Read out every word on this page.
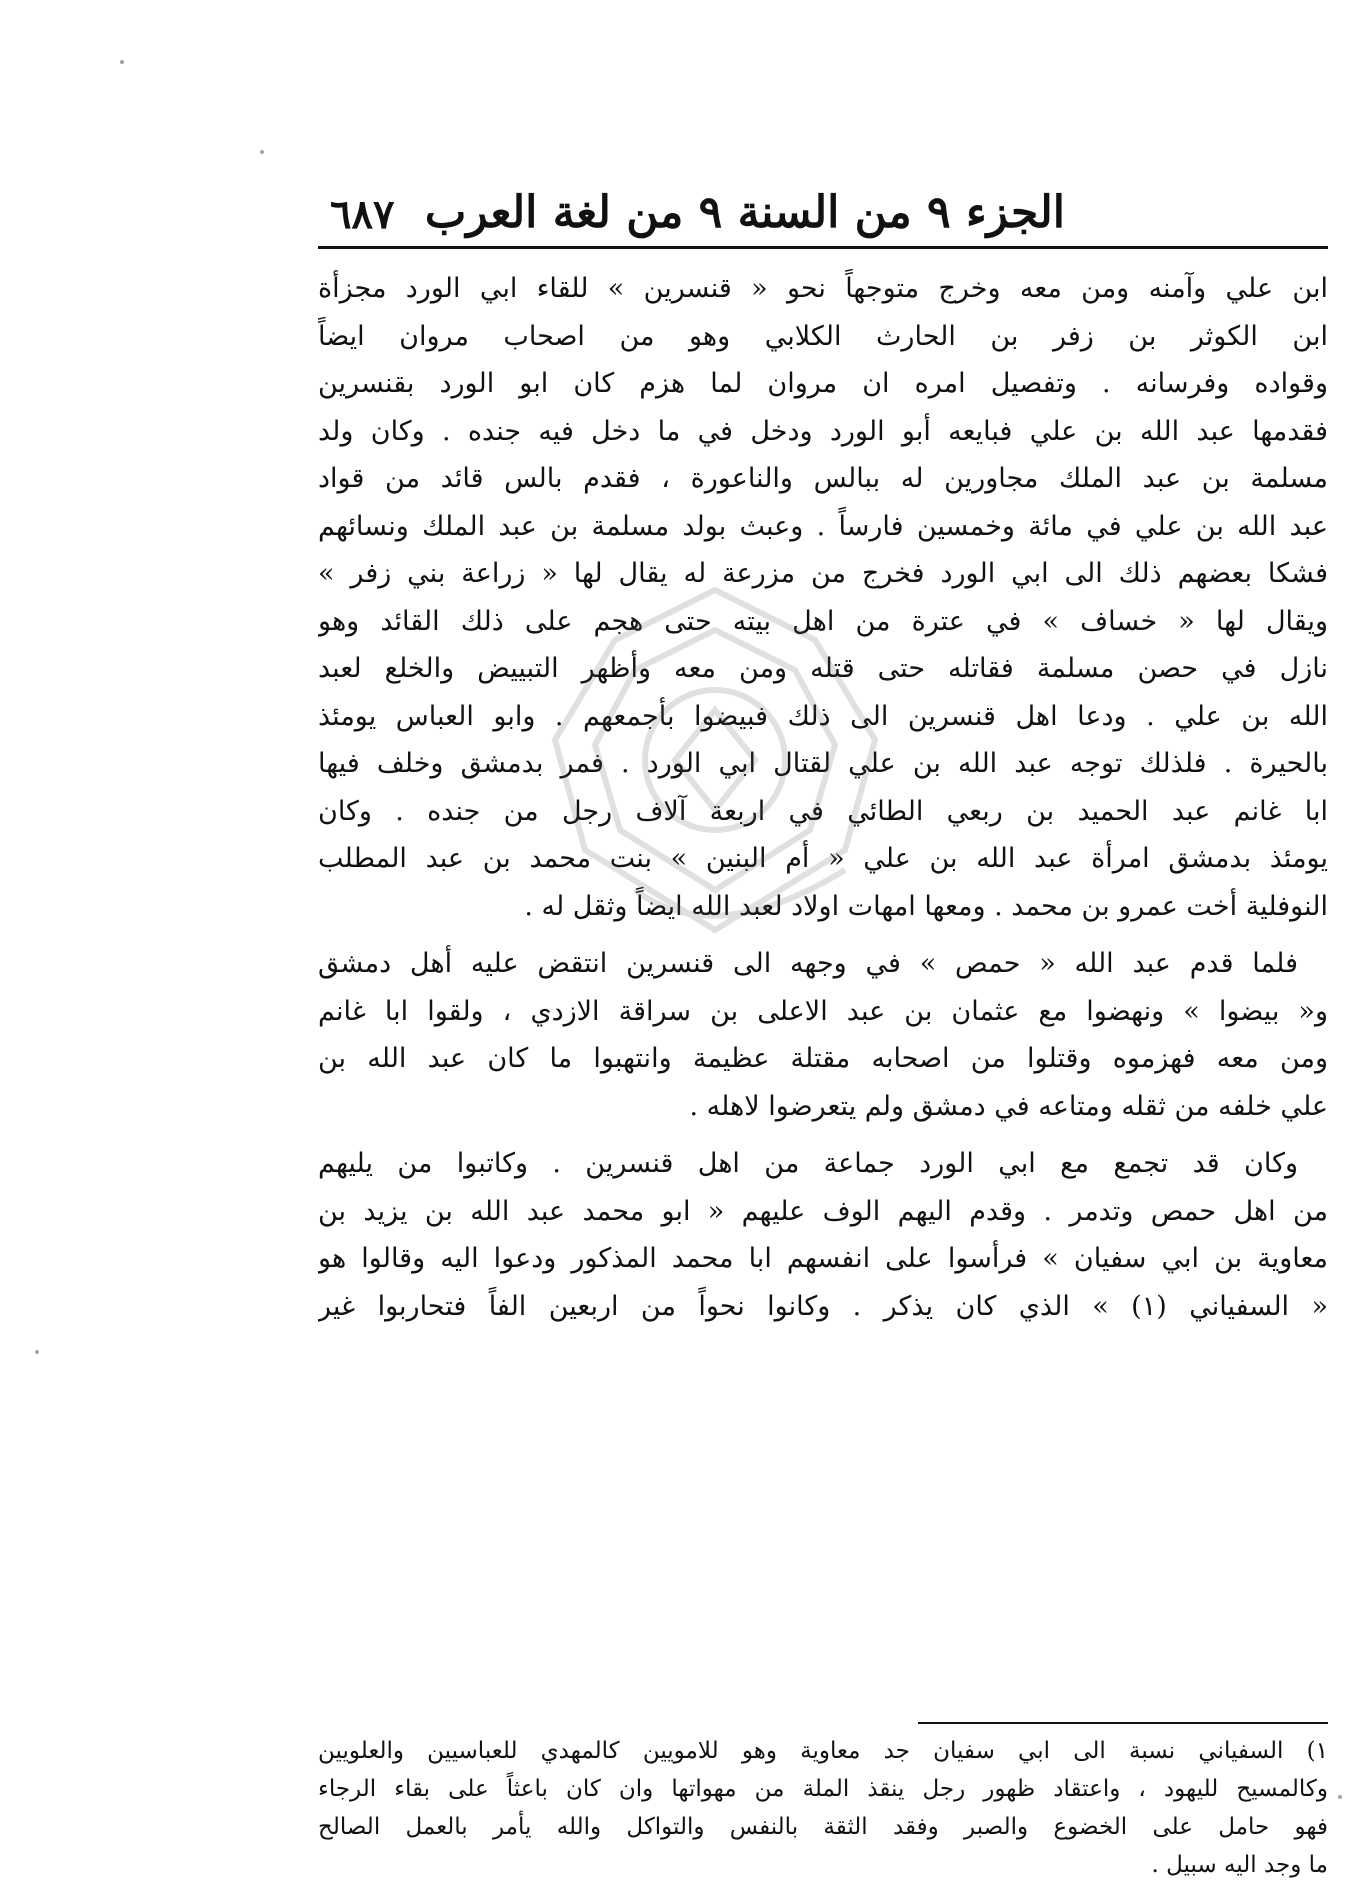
الجزء ٩ من السنة ٩ من لغة العرب
٦٨٧
ابن علي وآمنه ومن معه وخرج متوجهاً نحو « قنسرين » للقاء ابي الورد مجزأة
ابن الكوثر بن زفر بن الحارث الكلابي وهو من اصحاب مروان ايضاً
وقواده وفرسانه . وتفصيل امره ان مروان لما هزم كان ابو الورد بقنسرين
فقدمها عبد الله بن علي فبايعه أبو الورد ودخل في ما دخل فيه جنده . وكان ولد
مسلمة بن عبد الملك مجاورين له ببالس والناعورة ، فقدم بالس قائد من قواد
عبد الله بن علي في مائة وخمسين فارساً . وعبث بولد مسلمة بن عبد الملك ونسائهم
فشكا بعضهم ذلك الى ابي الورد فخرج من مزرعة له يقال لها « زراعة بني زفر »
ويقال لها « خساف » في عترة من اهل بيته حتى هجم على ذلك القائد وهو
نازل في حصن مسلمة فقاتله حتى قتله ومن معه وأظهر التبييض والخلع لعبد
الله بن علي . ودعا اهل قنسرين الى ذلك فبيضوا بأجمعهم . وابو العباس يومئذ
بالحيرة . فلذلك توجه عبد الله بن علي لقتال ابي الورد . فمر بدمشق وخلف فيها
ابا غانم عبد الحميد بن ربعي الطائي في اربعة آلاف رجل من جنده . وكان
يومئذ بدمشق امرأة عبد الله بن علي « أم البنين » بنت محمد بن عبد المطلب
النوفلية أخت عمرو بن محمد . ومعها امهات اولاد لعبد الله ايضاً وثقل له .
فلما قدم عبد الله « حمص » في وجهه الى قنسرين انتقض عليه أهل دمشق
و« بيضوا » ونهضوا مع عثمان بن عبد الاعلى بن سراقة الازدي ، ولقوا ابا غانم
ومن معه فهزموه وقتلوا من اصحابه مقتلة عظيمة وانتهبوا ما كان عبد الله بن
علي خلفه من ثقله ومتاعه في دمشق ولم يتعرضوا لاهله .
وكان قد تجمع مع ابي الورد جماعة من اهل قنسرين . وكاتبوا من يليهم
من اهل حمص وتدمر . وقدم اليهم الوف عليهم « ابو محمد عبد الله بن يزيد بن
معاوية بن ابي سفيان » فرأسوا على انفسهم ابا محمد المذكور ودعوا اليه وقالوا هو
« السفياني (١) » الذي كان يذكر . وكانوا نحواً من اربعين الفاً فتحاربوا غير
١) السفياني نسبة الى ابي سفيان جد معاوية وهو للامويين كالمهدي للعباسيين والعلويين
وكالمسيح لليهود ، واعتقاد ظهور رجل ينقذ الملة من مهواتها وان كان باعثاً على بقاء الرجاء
فهو حامل على الخضوع والصبر وفقد الثقة بالنفس والتواكل والله يأمر بالعمل الصالح
ما وجد اليه سبيل .
